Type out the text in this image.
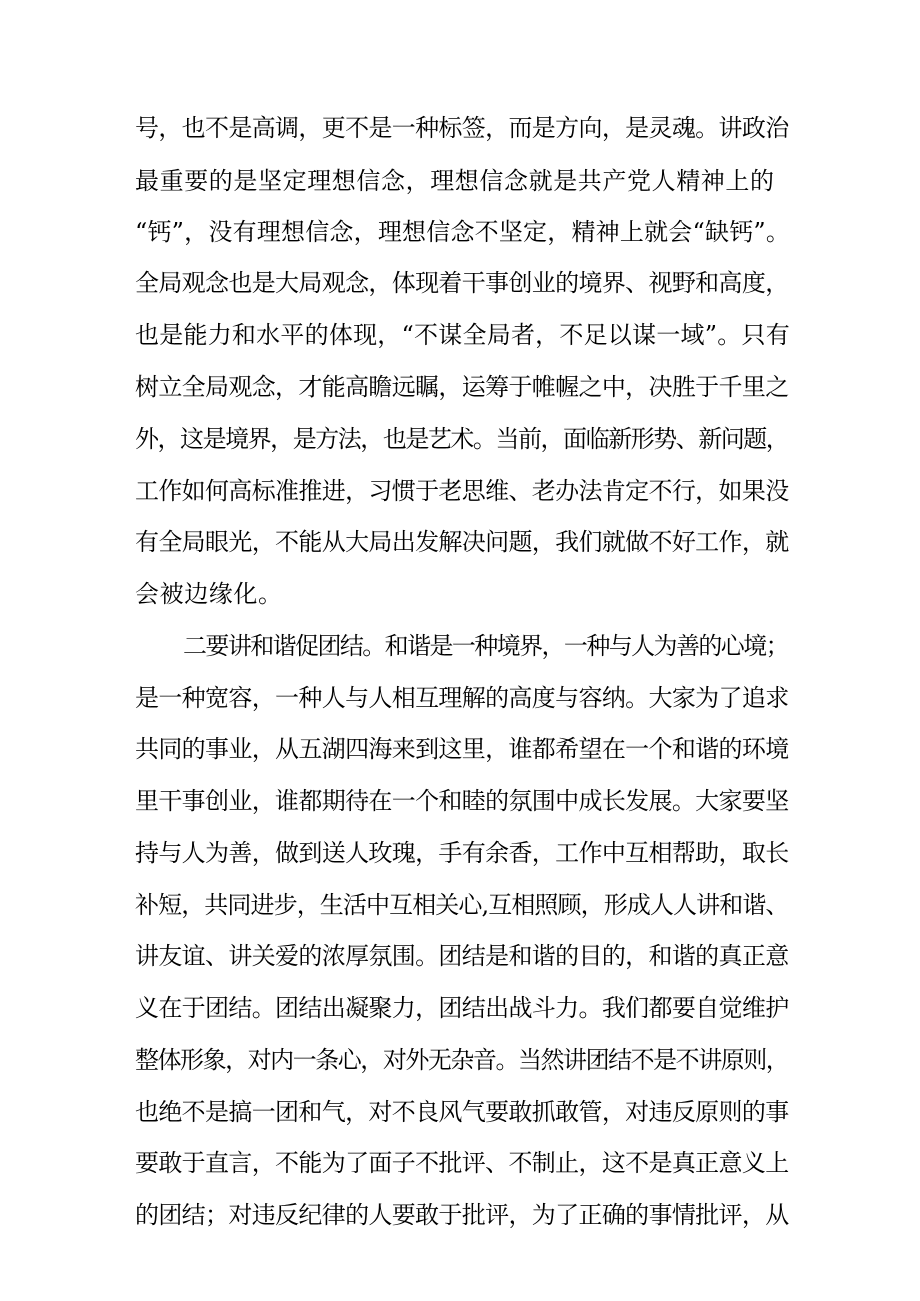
号，也不是高调，更不是一种标签，而是方向，是灵魂。讲政治
最重要的是坚定理想信念，理想信念就是共产党人精神上的
“钙”，没有理想信念，理想信念不坚定，精神上就会“缺钙”。
全局观念也是大局观念，体现着干事创业的境界、视野和高度，
也是能力和水平的体现，“不谋全局者，不足以谋一域”。只有
树立全局观念，才能高瞻远瞩，运筹于帷幄之中，决胜于千里之
外，这是境界，是方法，也是艺术。当前，面临新形势、新问题，
工作如何高标准推进，习惯于老思维、老办法肯定不行，如果没
有全局眼光，不能从大局出发解决问题，我们就做不好工作，就
会被边缘化。
二要讲和谐促团结。和谐是一种境界，一种与人为善的心境；
是一种宽容，一种人与人相互理解的高度与容纳。大家为了追求
共同的事业，从五湖四海来到这里，谁都希望在一个和谐的环境
里干事创业，谁都期待在一个和睦的氛围中成长发展。大家要坚
持与人为善，做到送人玫瑰，手有余香，工作中互相帮助，取长
补短，共同进步，生活中互相关心,互相照顾，形成人人讲和谐、
讲友谊、讲关爱的浓厚氛围。团结是和谐的目的，和谐的真正意
义在于团结。团结出凝聚力，团结出战斗力。我们都要自觉维护
整体形象，对内一条心，对外无杂音。当然讲团结不是不讲原则，
也绝不是搞一团和气，对不良风气要敢抓敢管，对违反原则的事
要敢于直言，不能为了面子不批评、不制止，这不是真正意义上
的团结；对违反纪律的人要敢于批评，为了正确的事情批评，从
